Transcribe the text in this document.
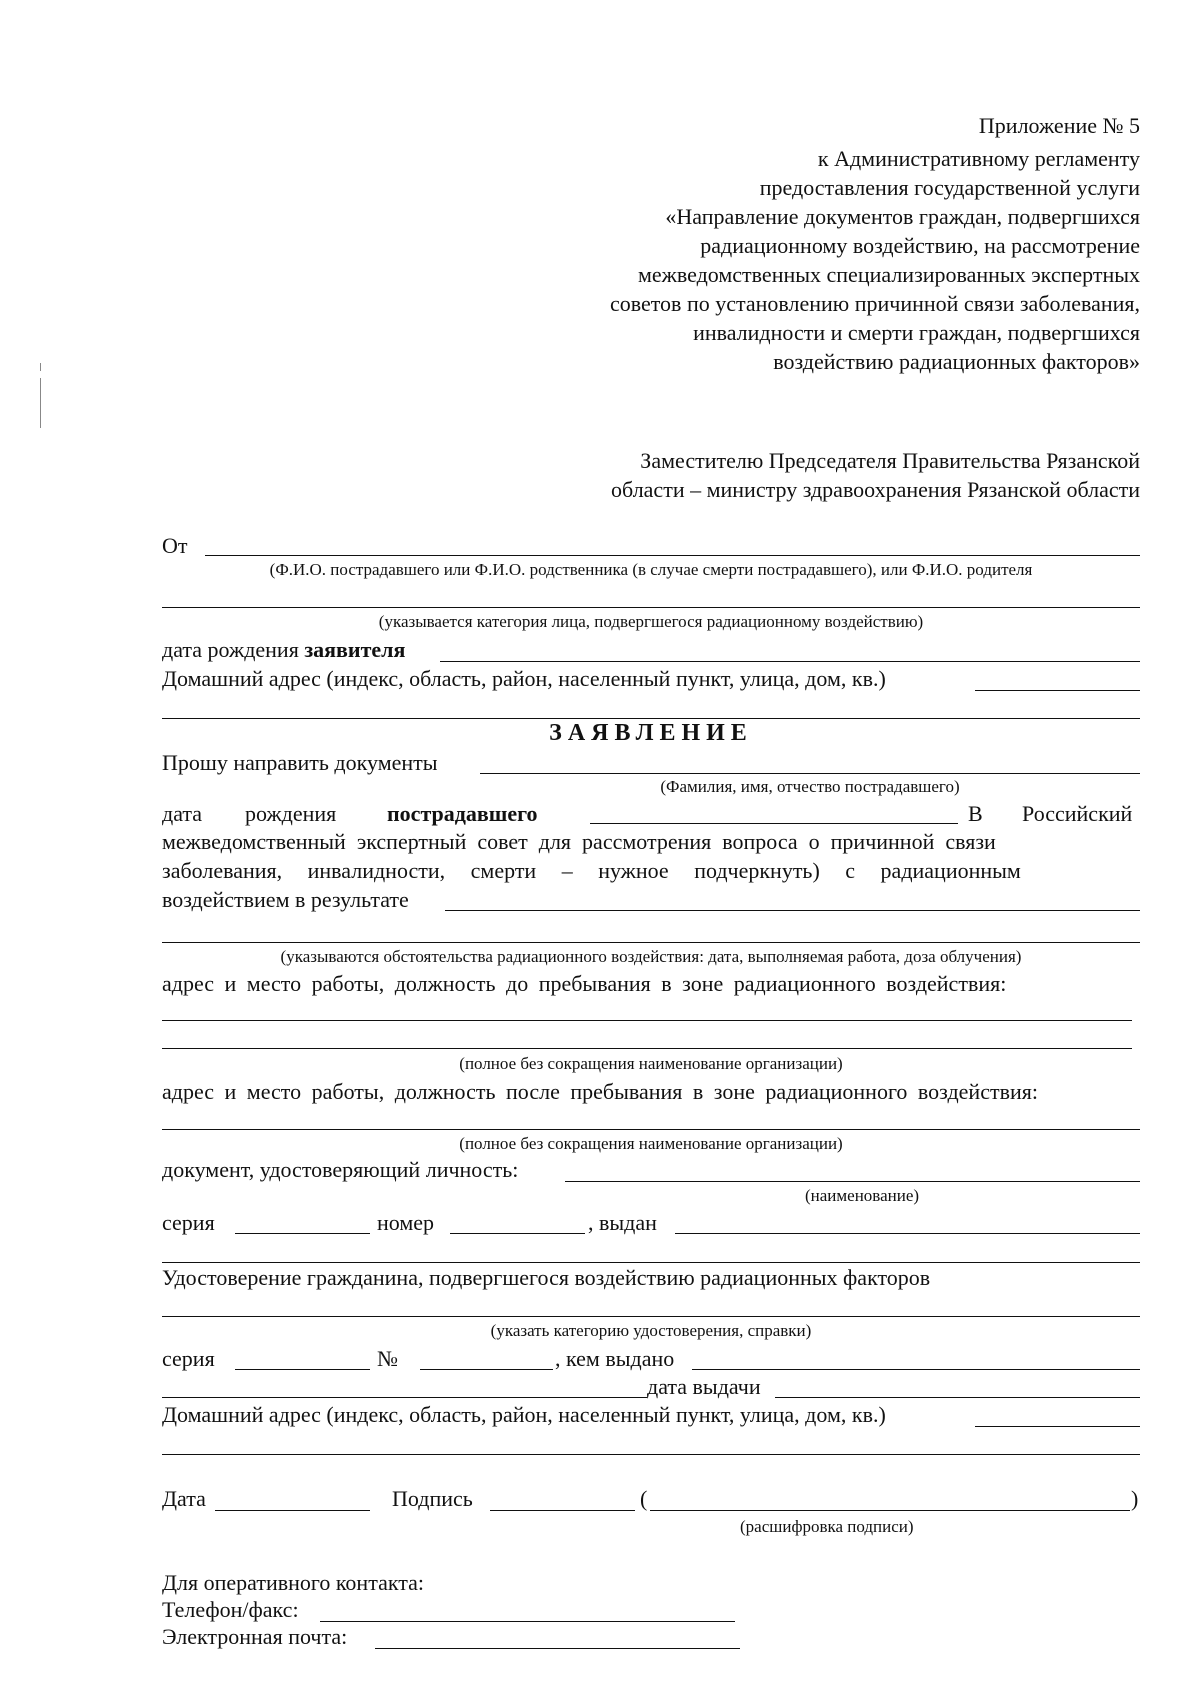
Приложение № 5
к Административному регламенту
предоставления государственной услуги
«Направление документов граждан, подвергшихся
радиационному воздействию, на рассмотрение
межведомственных специализированных экспертных
советов по установлению причинной связи заболевания,
инвалидности и смерти граждан, подвергшихся
воздействию радиационных факторов»
Заместителю Председателя Правительства Рязанской
области – министру здравоохранения Рязанской области
От
(Ф.И.О. пострадавшего или Ф.И.О. родственника (в случае смерти пострадавшего), или Ф.И.О. родителя
(указывается категория лица, подвергшегося радиационному воздействию)
дата рождения заявителя
Домашний адрес (индекс, область, район, населенный пункт, улица, дом, кв.)
ЗАЯВЛЕНИЕ
Прошу направить документы
(Фамилия, имя, отчество пострадавшего)
дата рождения пострадавшего	В Российский
межведомственный экспертный совет для рассмотрения вопроса о причинной связи
заболевания, инвалидности, смерти – нужное подчеркнуть) с радиационным
воздействием в результате
(указываются обстоятельства радиационного воздействия: дата, выполняемая работа, доза облучения)
адрес и место работы, должность до пребывания в зоне радиационного воздействия:
(полное без сокращения наименование организации)
адрес и место работы, должность после пребывания в зоне радиационного воздействия:
(полное без сокращения наименование организации)
документ, удостоверяющий личность:
(наименование)
серия	номер	, выдан
Удостоверение гражданина, подвергшегося воздействию радиационных факторов
(указать категорию удостоверения, справки)
серия	№	, кем выдано
дата выдачи
Домашний адрес (индекс, область, район, населенный пункт, улица, дом, кв.)
Дата	Подпись	(	)
(расшифровка подписи)
Для оперативного контакта:
Телефон/факс:
Электронная почта:
